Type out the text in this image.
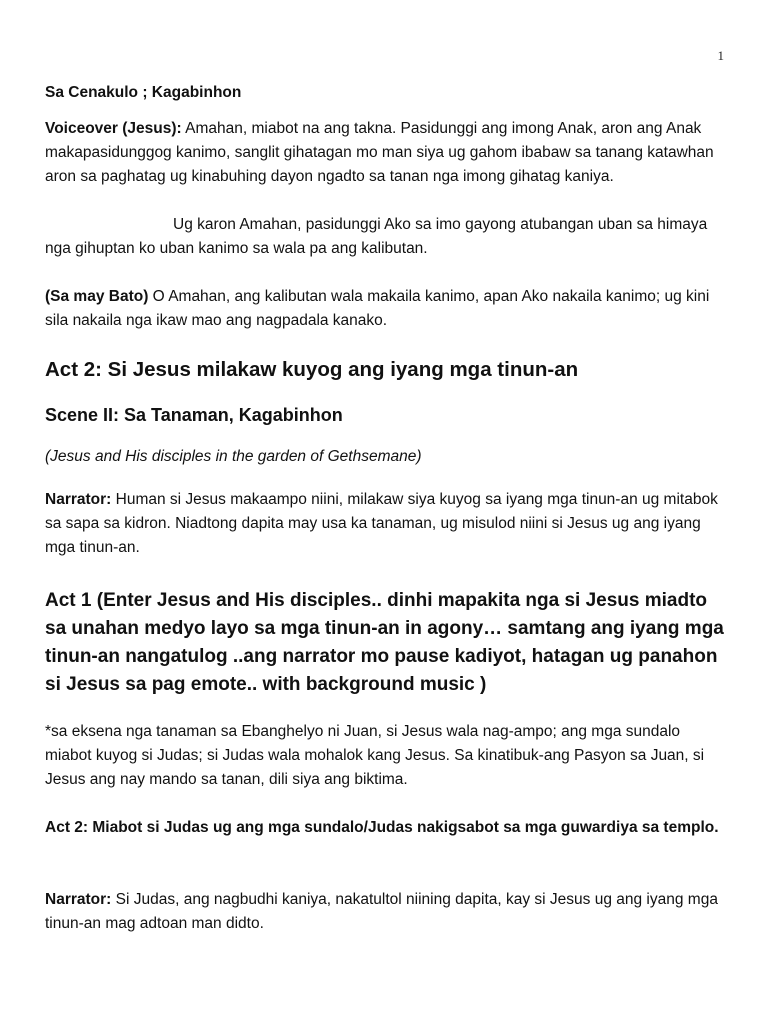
1

Sa Cenakulo ; Kagabinhon

Voiceover (Jesus): Amahan, miabot na ang takna. Pasidunggi ang imong Anak, aron ang Anak makapasidunggog kanimo, sanglit gihatagan mo man siya ug gahom ibabaw sa tanang katawhan aron sa paghatag ug kinabuhing dayon ngadto sa tanan nga imong gihatag kaniya.

Ug karon Amahan, pasidunggi Ako sa imo gayong atubangan uban sa himaya nga gihuptan ko uban kanimo sa wala pa ang kalibutan.

(Sa may Bato) O Amahan, ang kalibutan wala makaila kanimo, apan Ako nakaila kanimo; ug kini sila nakaila nga ikaw mao ang nagpadala kanako.

Act 2: Si Jesus milakaw kuyog ang iyang mga tinun-an
Scene II: Sa Tanaman, Kagabinhon

(Jesus and His disciples in the garden of Gethsemane)

Narrator: Human si Jesus makaampo niini, milakaw siya kuyog sa iyang mga tinun-an ug mitabok sa sapa sa kidron. Niadtong dapita may usa ka tanaman, ug misulod niini si Jesus ug ang iyang mga tinun-an.

Act 1 (Enter Jesus and His disciples.. dinhi mapakita nga si Jesus miadto sa unahan medyo layo sa mga tinun-an in agony… samtang ang iyang mga tinun-an nangatulog ..ang narrator mo pause kadiyot, hatagan ug panahon si Jesus sa pag emote.. with background music )

*sa eksena nga tanaman sa Ebanghelyo ni Juan, si Jesus wala nag-ampo; ang mga sundalo miabot kuyog si Judas; si Judas wala mohalok kang Jesus. Sa kinatibuk-ang Pasyon sa Juan, si Jesus ang nay mando sa tanan, dili siya ang biktima.

Act 2: Miabot si Judas ug ang mga sundalo/Judas nakigsabot sa mga guwardiya sa templo.

Narrator: Si Judas, ang nagbudhi kaniya, nakatultol niining dapita, kay si Jesus ug ang iyang mga tinun-an mag adtoan man didto.
